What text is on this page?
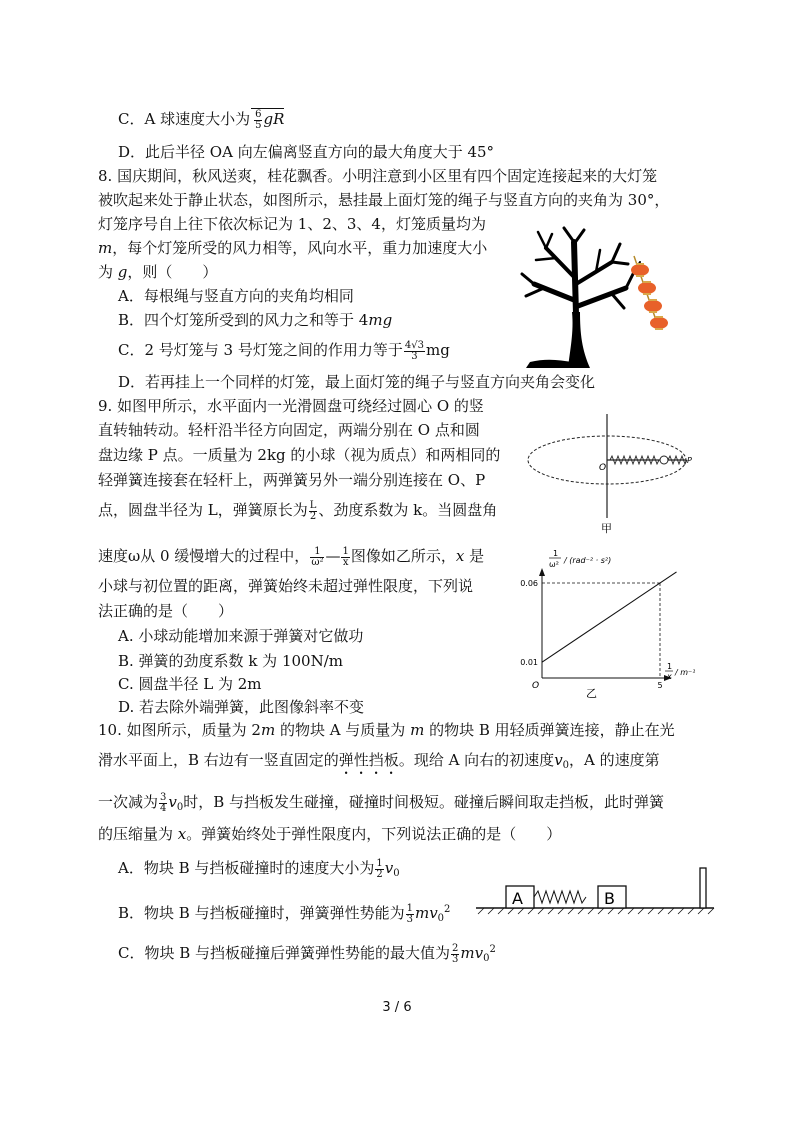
C．A 球速度大小为 $\frac{6}{5}$ gR
D．此后半径 OA 向左偏离竖直方向的最大角度大于 45°
8. 国庆期间，秋风送爽，桂花飘香。小明注意到小区里有四个固定连接起来的大灯笼
被吹起来处于静止状态，如图所示，悬挂最上面灯笼的绳子与竖直方向的夹角为 30°，
灯笼序号自上往下依次标记为 1、2、3、4，灯笼质量均为
m，每个灯笼所受的风力相等，风向水平，重力加速度大小
为 g，则（　　）
A．每根绳与竖直方向的夹角均相同
B．四个灯笼所受到的风力之和等于 4mg
C．2 号灯笼与 3 号灯笼之间的作用力等于 $\frac{4√3}{3}$ mg
D．若再挂上一个同样的灯笼，最上面灯笼的绳子与竖直方向夹角会变化
9. 如图甲所示，水平面内一光滑圆盘可绕经过圆心 O 的竖
直转轴转动。轻杆沿半径方向固定，两端分别在 O 点和圆
盘边缘 P 点。一质量为 2kg 的小球（视为质点）和两相同的
轻弹簧连接套在轻杆上，两弹簧另外一端分别连接在 O、P
点，圆盘半径为 L，弹簧原长为 $\frac{L}{2}$ 、劲度系数为 k。当圆盘角
速度ω从 0 缓慢增大的过程中， $\frac{1}{\text{ω²}}$ — $\frac{1}{x}$ 图像如乙所示，x 是
小球与初位置的距离，弹簧始终未超过弹性限度，下列说
法正确的是（　　）
A. 小球动能增加来源于弹簧对它做功
B. 弹簧的劲度系数 k 为 100N/m
C. 圆盘半径 L 为 2m
D. 若去除外端弹簧，此图像斜率不变
O
P
甲
1
ω² / (rad⁻² · s²)
1
x / m⁻¹
0.06
0.01
5
O
乙
10. 如图所示，质量为 2m 的物块 A 与质量为 m 的物块 B 用轻质弹簧连接，静止在光
滑水平面上，B 右边有一竖直固定的弹性挡板。现给 A 向右的初速度$v_0$，A 的速度第
一次减为 $\frac{3}{4} v_0$时，B 与挡板发生碰撞，碰撞时间极短。碰撞后瞬间取走挡板，此时弹簧
的压缩量为 x。弹簧始终处于弹性限度内，下列说法正确的是（　　）
A．物块 B 与挡板碰撞时的速度大小为 $\frac{1}{2} v_0$
B．物块 B 与挡板碰撞时，弹簧弹性势能为 $\frac{1}{3} mv_0^2$
C．物块 B 与挡板碰撞后弹簧弹性势能的最大值为 $\frac{2}{3} mv_0^2$
A	B
3 / 6
